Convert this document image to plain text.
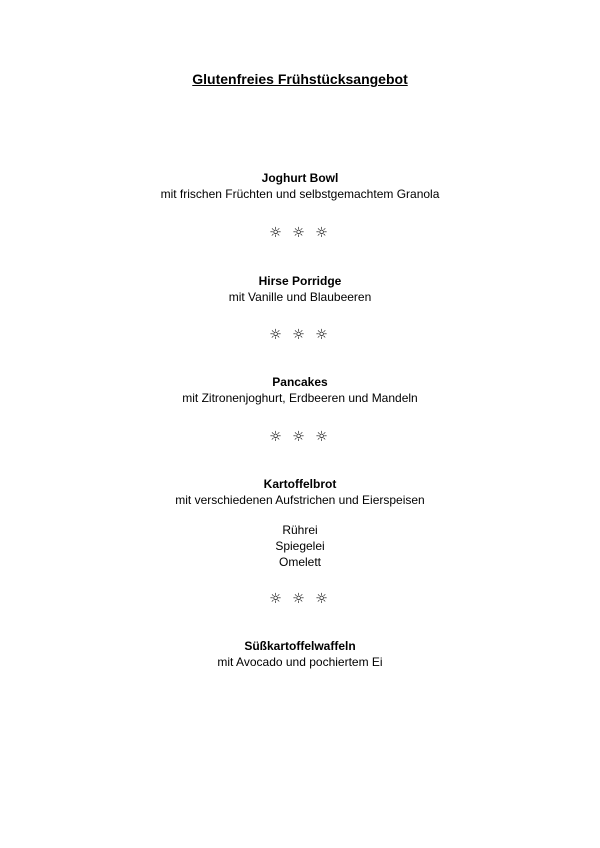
Glutenfreies Frühstücksangebot
Joghurt Bowl
mit frischen Früchten und selbstgemachtem Granola
☼ ☼ ☼
Hirse Porridge
mit Vanille und Blaubeeren
☼ ☼ ☼
Pancakes
mit Zitronenjoghurt, Erdbeeren und Mandeln
☼ ☼ ☼
Kartoffelbrot
mit verschiedenen Aufstrichen und Eierspeisen
Rührei
Spiegelei
Omelett
☼ ☼ ☼
Süßkartoffelwaffeln
mit Avocado und pochiertem Ei
